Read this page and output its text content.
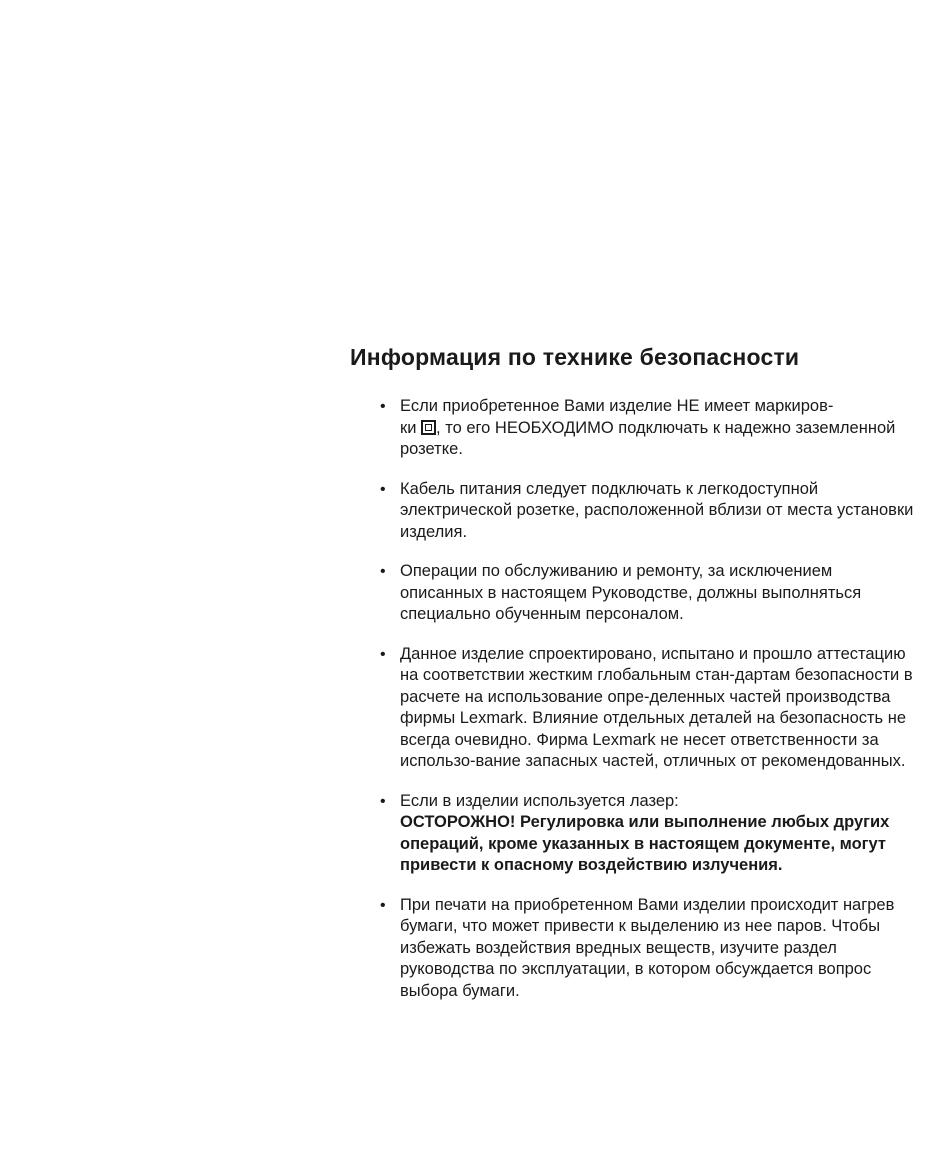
Информация по технике безопасности
• Если приобретенное Вами изделие НЕ имеет маркиров-
ки , то его НЕОБХОДИМО подключать к надежно заземленной розетке.

• Кабель питания следует подключать к легкодоступной электрической розетке, расположенной вблизи от места установки изделия.

• Операции по обслуживанию и ремонту, за исключением описанных в настоящем Руководстве, должны выполняться специально обученным персоналом.

• Данное изделие спроектировано, испытано и прошло аттестацию на соответствии жестким глобальным стан-дартам безопасности в расчете на использование опре-деленных частей производства фирмы Lexmark. Влияние отдельных деталей на безопасность не всегда очевидно. Фирма Lexmark не несет ответственности за использо-вание запасных частей, отличных от рекомендованных.

• Если в изделии используется лазер:

ОСТОРОЖНО! Регулировка или выполнение любых других операций, кроме указанных в настоящем документе, могут привести к опасному воздействию излучения.

• При печати на приобретенном Вами изделии происходит нагрев бумаги, что может привести к выделению из нее паров. Чтобы избежать воздействия вредных веществ, изучите раздел руководства по эксплуатации, в котором обсуждается вопрос выбора бумаги.
